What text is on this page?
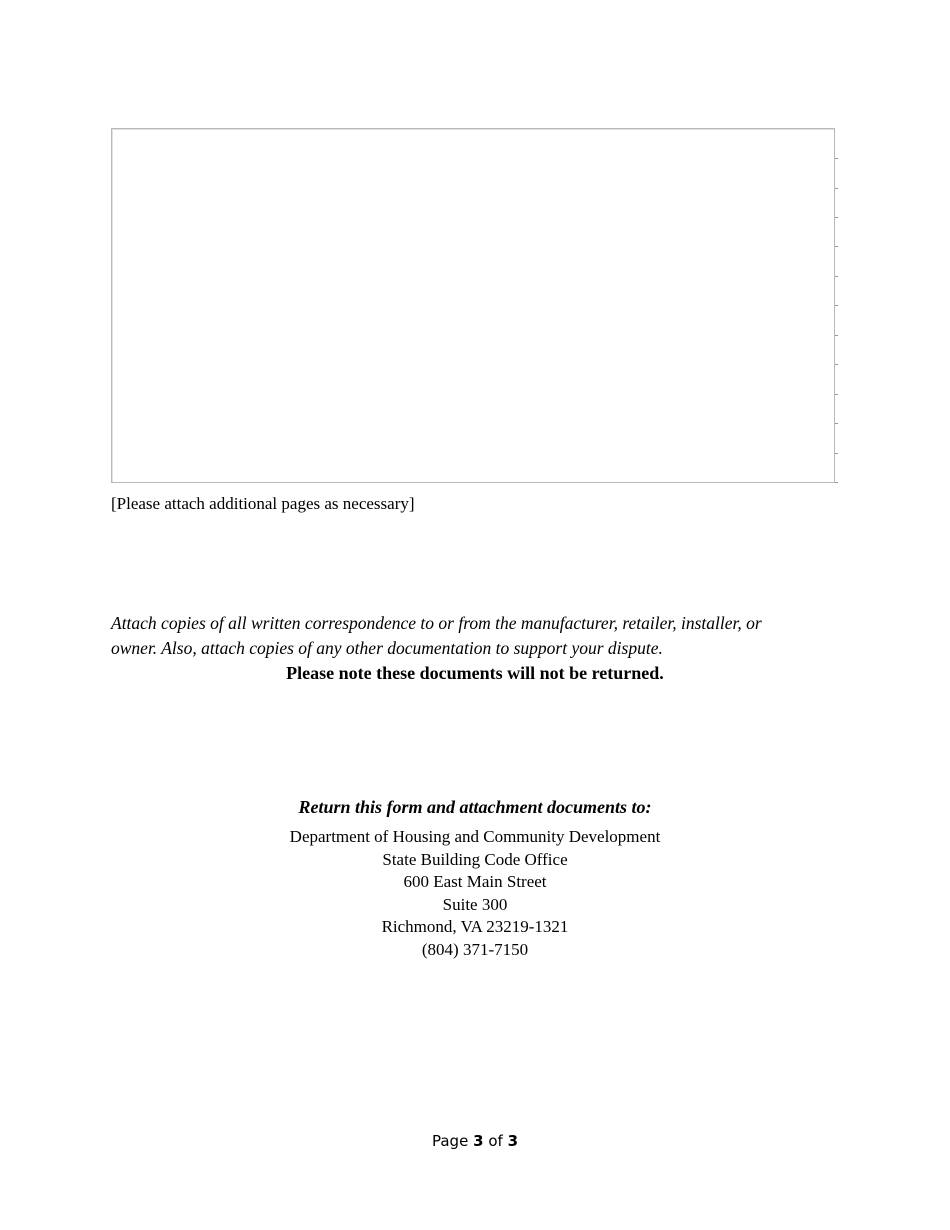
[Please attach additional pages as necessary]
Attach copies of all written correspondence to or from the manufacturer, retailer, installer, or
owner. Also, attach copies of any other documentation to support your dispute.
Please note these documents will not be returned.
Return this form and attachment documents to:
Department of Housing and Community Development
State Building Code Office
600 East Main Street
Suite 300
Richmond, VA 23219-1321
(804) 371-7150
Page 3 of 3
